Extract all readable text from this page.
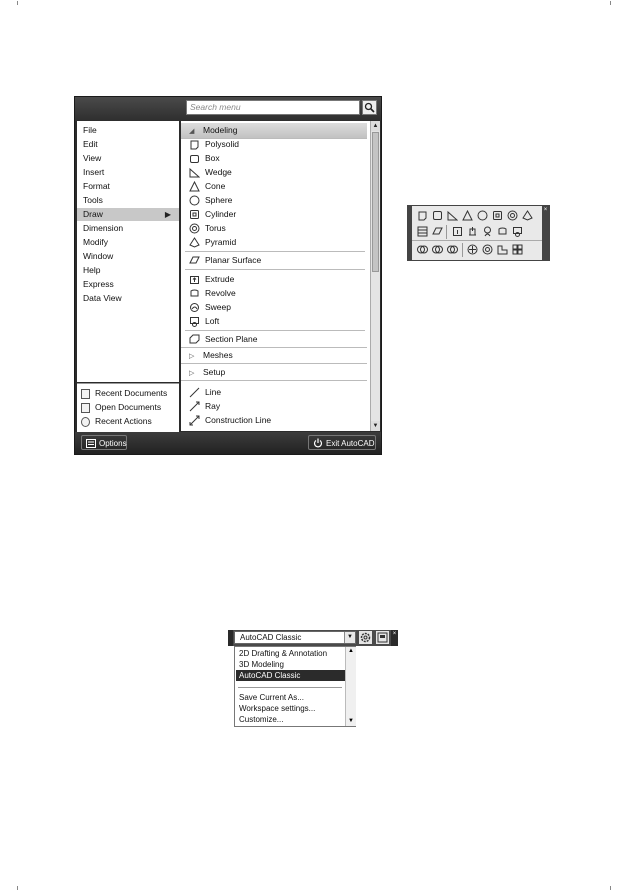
Search menu
File
Edit
View
Insert
Format
Tools
Draw	▶
Dimension
Modify
Window
Help
Express
Data View
Recent Documents
Open Documents
Recent Actions
◢ Modeling
Polysolid
Box
Wedge
Cone
Sphere
Cylinder
Torus
Pyramid
Planar Surface
Extrude
Revolve
Sweep
Loft
Section Plane
▷ Meshes
▷ Setup
Line
Ray
Construction Line
▲
▼
Options	Exit AutoCAD
×
AutoCAD Classic	▼	×
2D Drafting & Annotation
3D Modeling
AutoCAD Classic
Save Current As...
Workspace settings...
Customize...
▲
▼
